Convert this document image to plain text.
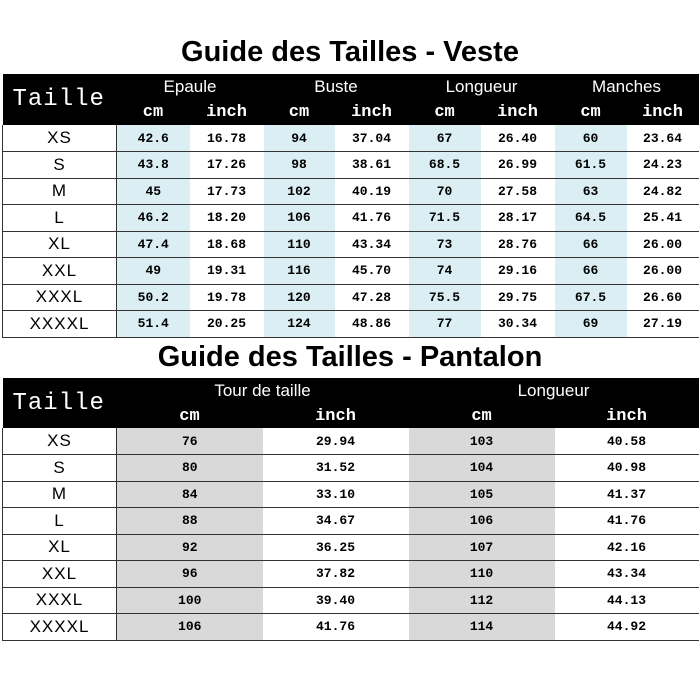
Guide des Tailles - Veste
Taille	Epaule		Buste		Longueur		Manches	
	cm	inch	cm	inch	cm	inch	cm	inch
XS	42.6	16.78	94	37.04	67	26.40	60	23.64
S	43.8	17.26	98	38.61	68.5	26.99	61.5	24.23
M	45	17.73	102	40.19	70	27.58	63	24.82
L	46.2	18.20	106	41.76	71.5	28.17	64.5	25.41
XL	47.4	18.68	110	43.34	73	28.76	66	26.00
XXL	49	19.31	116	45.70	74	29.16	66	26.00
XXXL	50.2	19.78	120	47.28	75.5	29.75	67.5	26.60
XXXXL	51.4	20.25	124	48.86	77	30.34	69	27.19
Guide des Tailles - Pantalon
Taille	Tour de taille		Longueur	
	cm	inch	cm	inch
XS	76	29.94	103	40.58
S	80	31.52	104	40.98
M	84	33.10	105	41.37
L	88	34.67	106	41.76
XL	92	36.25	107	42.16
XXL	96	37.82	110	43.34
XXXL	100	39.40	112	44.13
XXXXL	106	41.76	114	44.92
